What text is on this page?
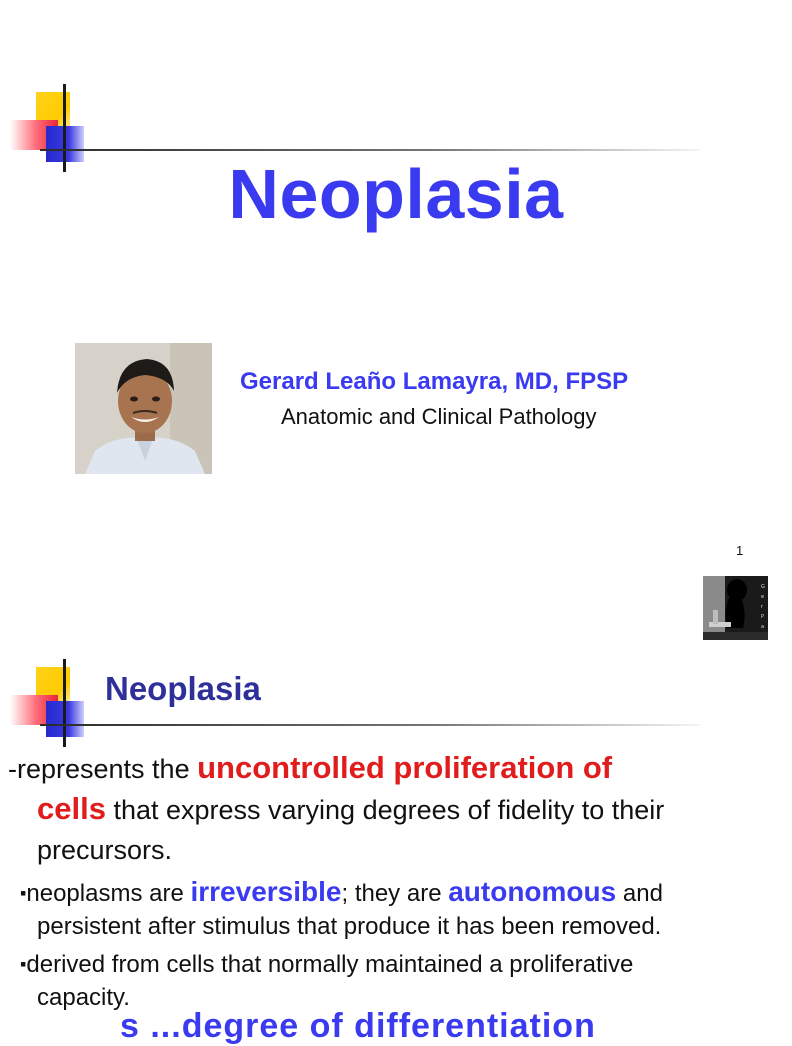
Neoplasia
Gerard Leaño Lamayra, MD, FPSP
Anatomic and Clinical Pathology
1
G
e
r
P
a
Neoplasia

-represents the uncontrolled proliferation of
cells that express varying degrees of fidelity to their
precursors.

▪neoplasms are irreversible; they are autonomous and
persistent after stimulus that produce it has been removed.
▪derived from cells that normally maintained a proliferative
capacity.
s ...degree of differentiation
